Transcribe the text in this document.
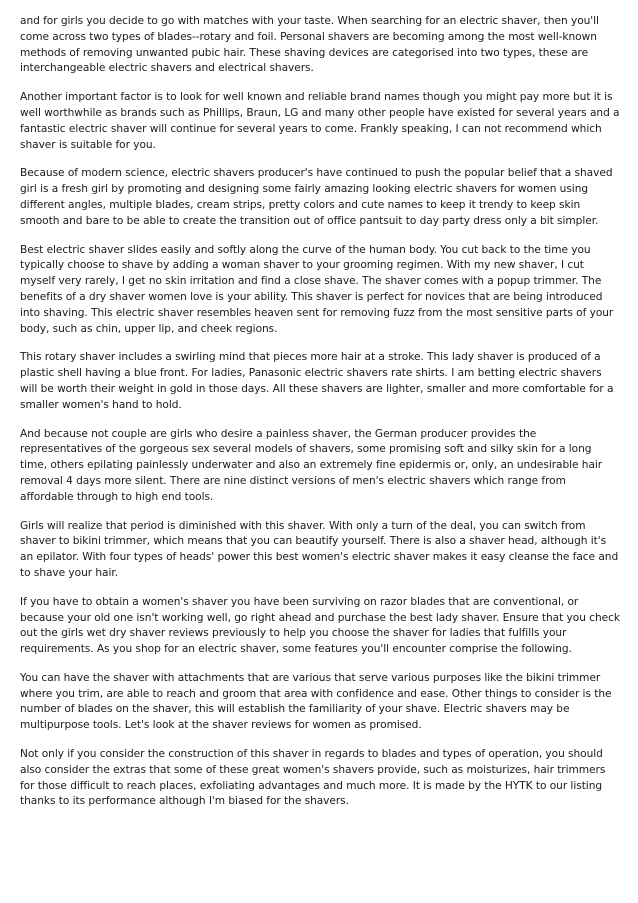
and for girls you decide to go with matches with your taste. When searching for an electric shaver, then you'll come across two types of blades--rotary and foil. Personal shavers are becoming among the most well-known methods of removing unwanted pubic hair. These shaving devices are categorised into two types, these are interchangeable electric shavers and electrical shavers.

Another important factor is to look for well known and reliable brand names though you might pay more but it is well worthwhile as brands such as Phillips, Braun, LG and many other people have existed for several years and a fantastic electric shaver will continue for several years to come. Frankly speaking, I can not recommend which shaver is suitable for you.

Because of modern science, electric shavers producer's have continued to push the popular belief that a shaved girl is a fresh girl by promoting and designing some fairly amazing looking electric shavers for women using different angles, multiple blades, cream strips, pretty colors and cute names to keep it trendy to keep skin smooth and bare to be able to create the transition out of office pantsuit to day party dress only a bit simpler.

Best electric shaver slides easily and softly along the curve of the human body. You cut back to the time you typically choose to shave by adding a woman shaver to your grooming regimen. With my new shaver, I cut myself very rarely, I get no skin irritation and find a close shave. The shaver comes with a popup trimmer. The benefits of a dry shaver women love is your ability. This shaver is perfect for novices that are being introduced into shaving. This electric shaver resembles heaven sent for removing fuzz from the most sensitive parts of your body, such as chin, upper lip, and cheek regions.

This rotary shaver includes a swirling mind that pieces more hair at a stroke. This lady shaver is produced of a plastic shell having a blue front. For ladies, Panasonic electric shavers rate shirts. I am betting electric shavers will be worth their weight in gold in those days. All these shavers are lighter, smaller and more comfortable for a smaller women's hand to hold.

And because not couple are girls who desire a painless shaver, the German producer provides the representatives of the gorgeous sex several models of shavers, some promising soft and silky skin for a long time, others epilating painlessly underwater and also an extremely fine epidermis or, only, an undesirable hair removal 4 days more silent. There are nine distinct versions of men's electric shavers which range from affordable through to high end tools.

Girls will realize that period is diminished with this shaver. With only a turn of the deal, you can switch from shaver to bikini trimmer, which means that you can beautify yourself. There is also a shaver head, although it's an epilator. With four types of heads' power this best women's electric shaver makes it easy cleanse the face and to shave your hair.

If you have to obtain a women's shaver you have been surviving on razor blades that are conventional, or because your old one isn't working well, go right ahead and purchase the best lady shaver. Ensure that you check out the girls wet dry shaver reviews previously to help you choose the shaver for ladies that fulfills your requirements. As you shop for an electric shaver, some features you'll encounter comprise the following.

You can have the shaver with attachments that are various that serve various purposes like the bikini trimmer where you trim, are able to reach and groom that area with confidence and ease. Other things to consider is the number of blades on the shaver, this will establish the familiarity of your shave. Electric shavers may be multipurpose tools. Let's look at the shaver reviews for women as promised.

Not only if you consider the construction of this shaver in regards to blades and types of operation, you should also consider the extras that some of these great women's shavers provide, such as moisturizes, hair trimmers for those difficult to reach places, exfoliating advantages and much more. It is made by the HYTK to our listing thanks to its performance although I'm biased for the shavers.
